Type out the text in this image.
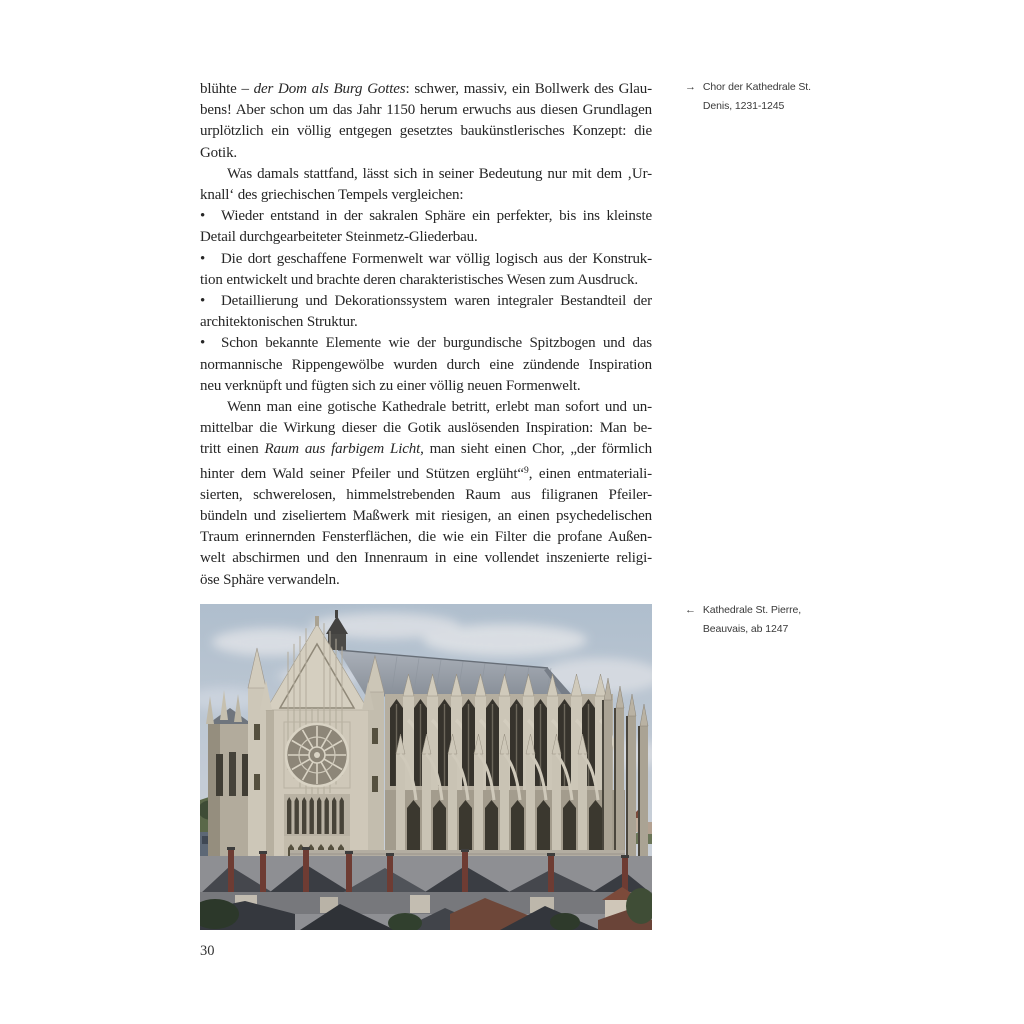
blühte – der Dom als Burg Gottes: schwer, massiv, ein Bollwerk des Glau-
bens! Aber schon um das Jahr 1150 herum erwuchs aus diesen Grundlagen
urplötzlich ein völlig entgegen gesetztes baukünstlerisches Konzept: die
Gotik.
Was damals stattfand, lässt sich in seiner Bedeutung nur mit dem ‚Ur-
knall‘ des griechischen Tempels vergleichen:
• Wieder entstand in der sakralen Sphäre ein perfekter, bis ins kleinste
Detail durchgearbeiteter Steinmetz-Gliederbau.
• Die dort geschaffene Formenwelt war völlig logisch aus der Konstruk-
tion entwickelt und brachte deren charakteristisches Wesen zum Ausdruck.
• Detaillierung und Dekorationssystem waren integraler Bestandteil der
architektonischen Struktur.
• Schon bekannte Elemente wie der burgundische Spitzbogen und das
normannische Rippengewölbe wurden durch eine zündende Inspiration
neu verknüpft und fügten sich zu einer völlig neuen Formenwelt.
Wenn man eine gotische Kathedrale betritt, erlebt man sofort und un-
mittelbar die Wirkung dieser die Gotik auslösenden Inspiration: Man be-
tritt einen Raum aus farbigem Licht, man sieht einen Chor, „der förmlich
hinter dem Wald seiner Pfeiler und Stützen erglüht“$^9$, einen entmateriali-
sierten, schwerelosen, himmelstrebenden Raum aus filigranen Pfeiler-
bündeln und ziseliertem Maßwerk mit riesigen, an einen psychedelischen
Traum erinnernden Fensterflächen, die wie ein Filter die profane Außen-
welt abschirmen und den Innenraum in eine vollendet inszenierte religi-
öse Sphäre verwandeln.
→ Chor der Kathedrale St.
Denis, 1231-1245
← Kathedrale St. Pierre,
Beauvais, ab 1247
30
